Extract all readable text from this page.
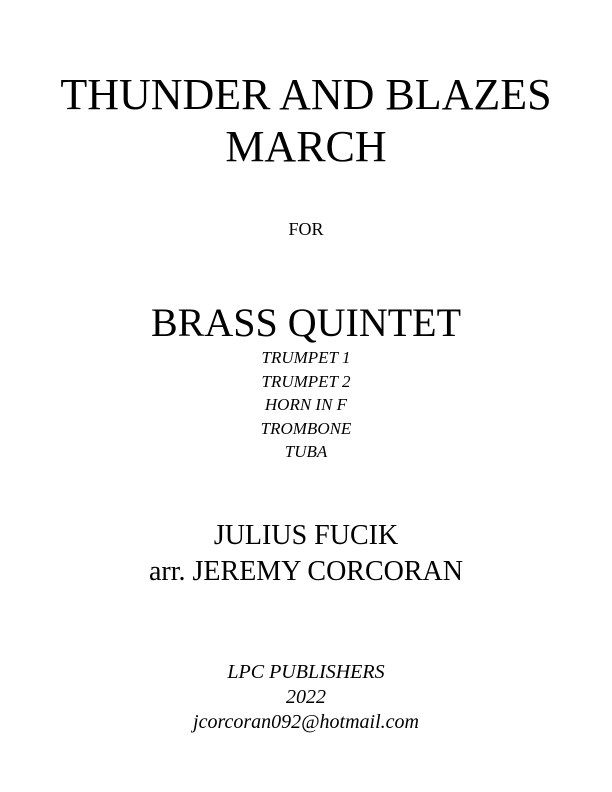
THUNDER AND BLAZES
MARCH
FOR
BRASS QUINTET
TRUMPET 1
TRUMPET 2
HORN IN F
TROMBONE
TUBA
JULIUS FUCIK
arr. JEREMY CORCORAN
LPC PUBLISHERS
2022
jcorcoran092@hotmail.com
